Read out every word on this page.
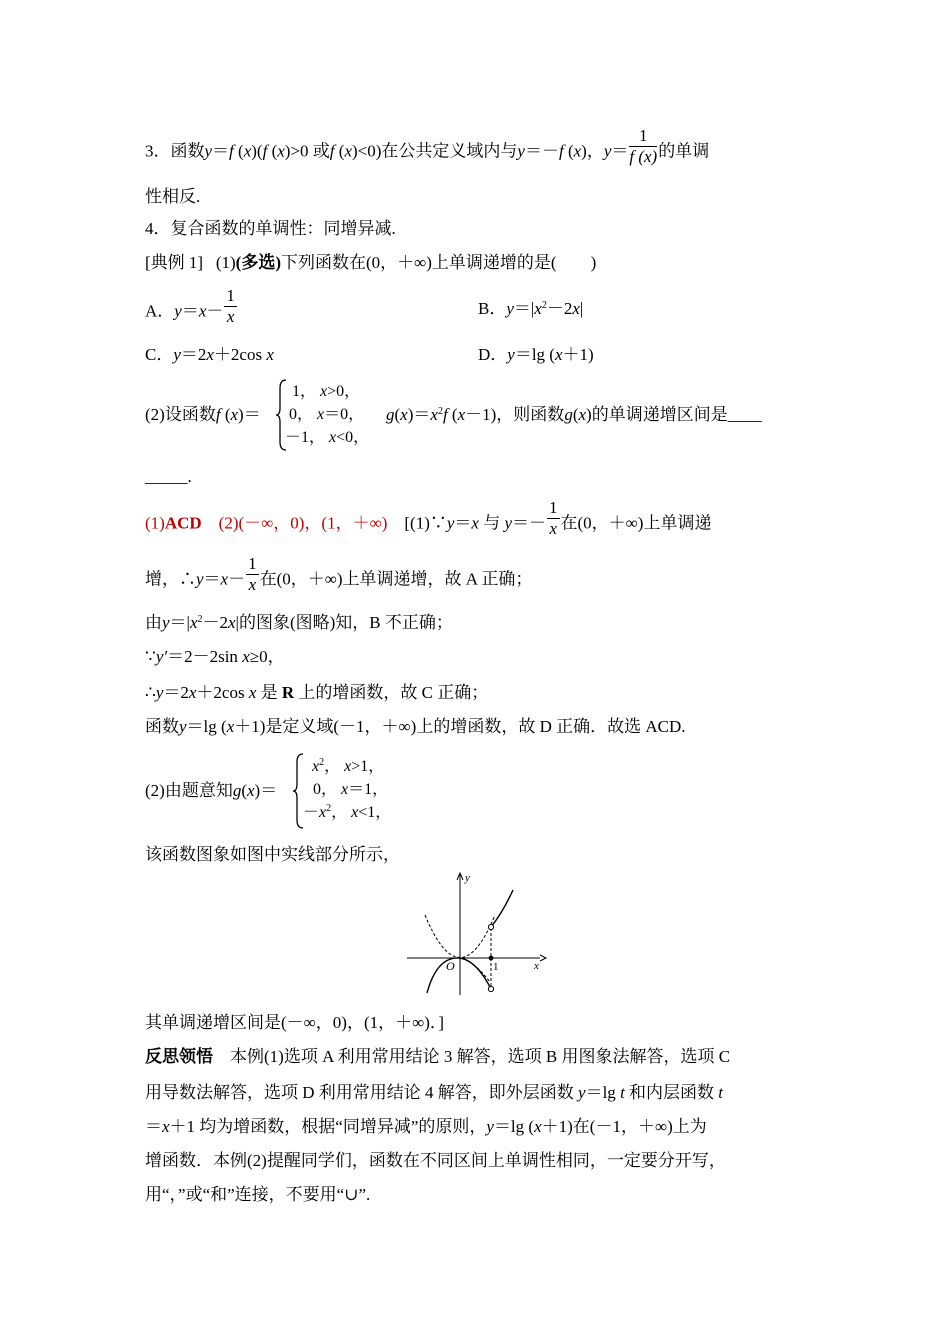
3．函数y＝f (x)(f (x)>0 或f (x)<0)在公共定义域内与y＝－f (x)，$y= \frac{1}{f (x)}$ 的单调
性相反.
4．复合函数的单调性：同增异减.
[典例 1] (1)(多选)下列函数在(0，＋∞)上单调递增的是(　　)
A．$y=x- \frac{1}{x}$	B．$y=|x^2-2x|$
C．y＝2x＋2cos x	D．y＝lg (x＋1)
(2)设函数f (x)＝
1， x>0，
0， x＝0，
－1， x<0，
$g(x)=x^2f$ (x－1)，则函数g(x)的单调递增区间是____
_____.
(1)ACD　(2)(－∞，0)，(1，＋∞)　[(1)∵y＝x 与 $y=- \frac{1}{x}$ 在(0，＋∞)上单调递
增，∴y＝x－ $\frac{1}{x}$ 在(0，＋∞)上单调递增，故 A 正确；
由$y=|x^2-2x|$的图象(图略)知，B 不正确；
∵y′＝2－2sin x≥0，
∴y＝2x＋2cos x 是 R 上的增函数，故 C 正确；
函数y＝lg (x＋1)是定义域(－1，＋∞)上的增函数，故 D 正确．故选 ACD.
(2)由题意知g(x)＝
$x^2$， x>1，
0， x＝1，
$-x^2$， x<1，
该函数图象如图中实线部分所示，
y
x
O	1
其单调递增区间是(－∞，0)，(1，＋∞)．]
反思领悟　本例(1)选项 A 利用常用结论 3 解答，选项 B 用图象法解答，选项 C
用导数法解答，选项 D 利用常用结论 4 解答，即外层函数 y＝lg t 和内层函数 t
＝x＋1 均为增函数，根据“同增异减”的原则，y＝lg (x＋1)在(－1，＋∞)上为
增函数．本例(2)提醒同学们，函数在不同区间上单调性相同，一定要分开写，
用“，”或“和”连接，不要用“∪”.
